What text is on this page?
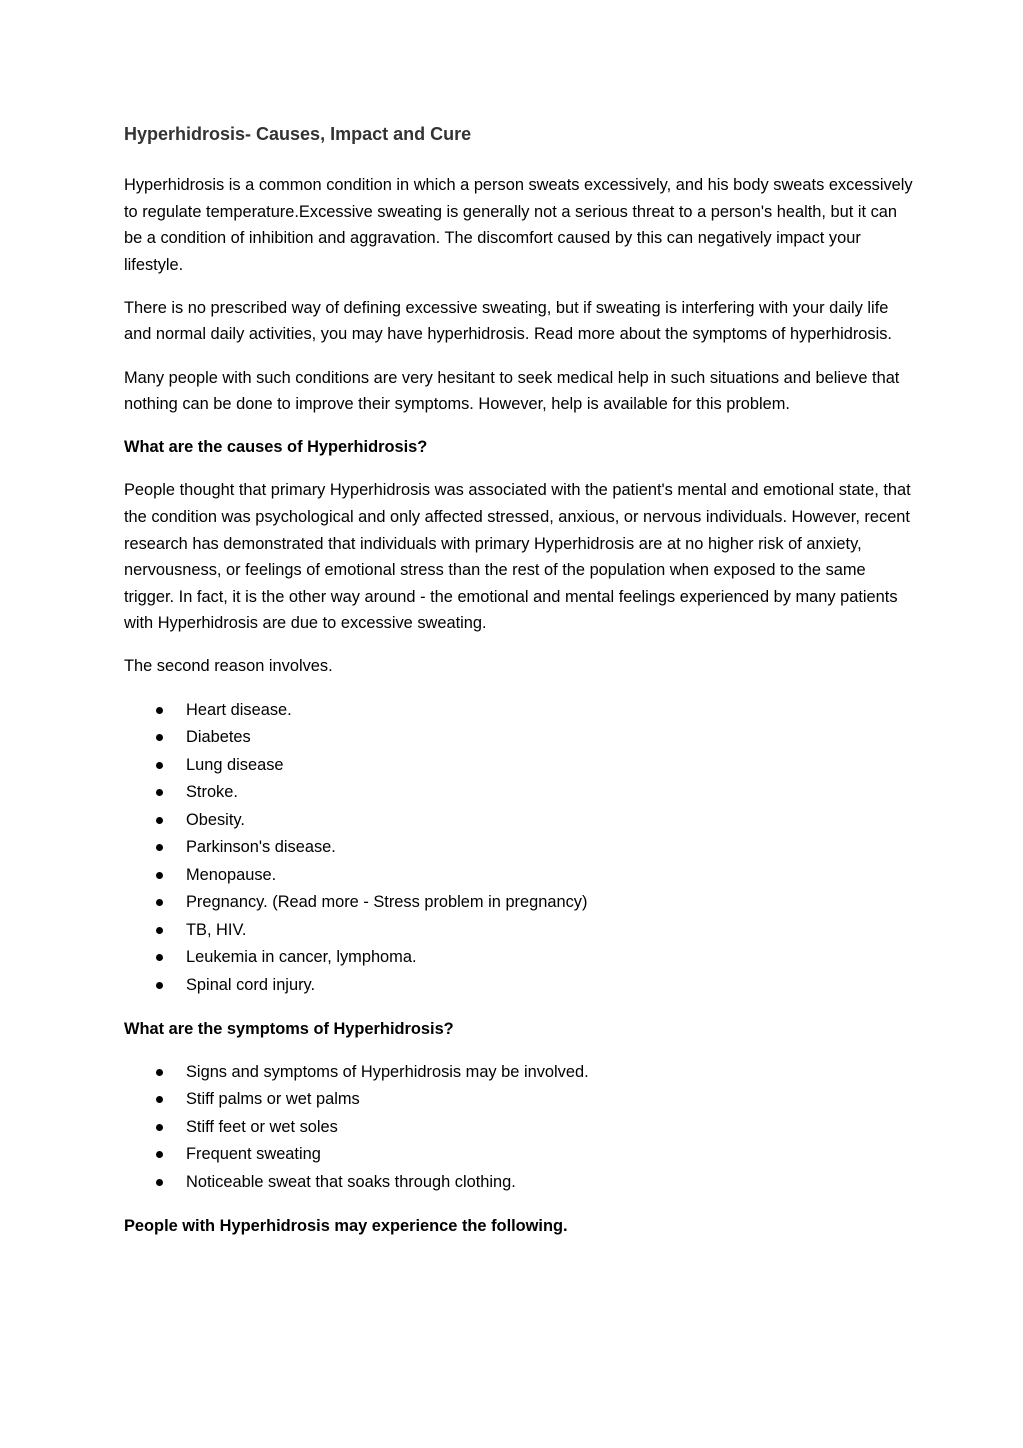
Hyperhidrosis- Causes, Impact and Cure

Hyperhidrosis is a common condition in which a person sweats excessively, and his body sweats excessively to regulate temperature.Excessive sweating is generally not a serious threat to a person's health, but it can be a condition of inhibition and aggravation. The discomfort caused by this can negatively impact your lifestyle.

There is no prescribed way of defining excessive sweating, but if sweating is interfering with your daily life and normal daily activities, you may have hyperhidrosis. Read more about the symptoms of hyperhidrosis.

Many people with such conditions are very hesitant to seek medical help in such situations and believe that nothing can be done to improve their symptoms. However, help is available for this problem.

What are the causes of Hyperhidrosis?

People thought that primary Hyperhidrosis was associated with the patient's mental and emotional state, that the condition was psychological and only affected stressed, anxious, or nervous individuals. However, recent research has demonstrated that individuals with primary Hyperhidrosis are at no higher risk of anxiety, nervousness, or feelings of emotional stress than the rest of the population when exposed to the same trigger. In fact, it is the other way around - the emotional and mental feelings experienced by many patients with Hyperhidrosis are due to excessive sweating.

The second reason involves.

Heart disease.
Diabetes
Lung disease
Stroke.
Obesity.
Parkinson's disease.
Menopause.
Pregnancy. (Read more - Stress problem in pregnancy)
TB, HIV.
Leukemia in cancer, lymphoma.
Spinal cord injury.
What are the symptoms of Hyperhidrosis?
Signs and symptoms of Hyperhidrosis may be involved.
Stiff palms or wet palms
Stiff feet or wet soles
Frequent sweating
Noticeable sweat that soaks through clothing.
People with Hyperhidrosis may experience the following.
